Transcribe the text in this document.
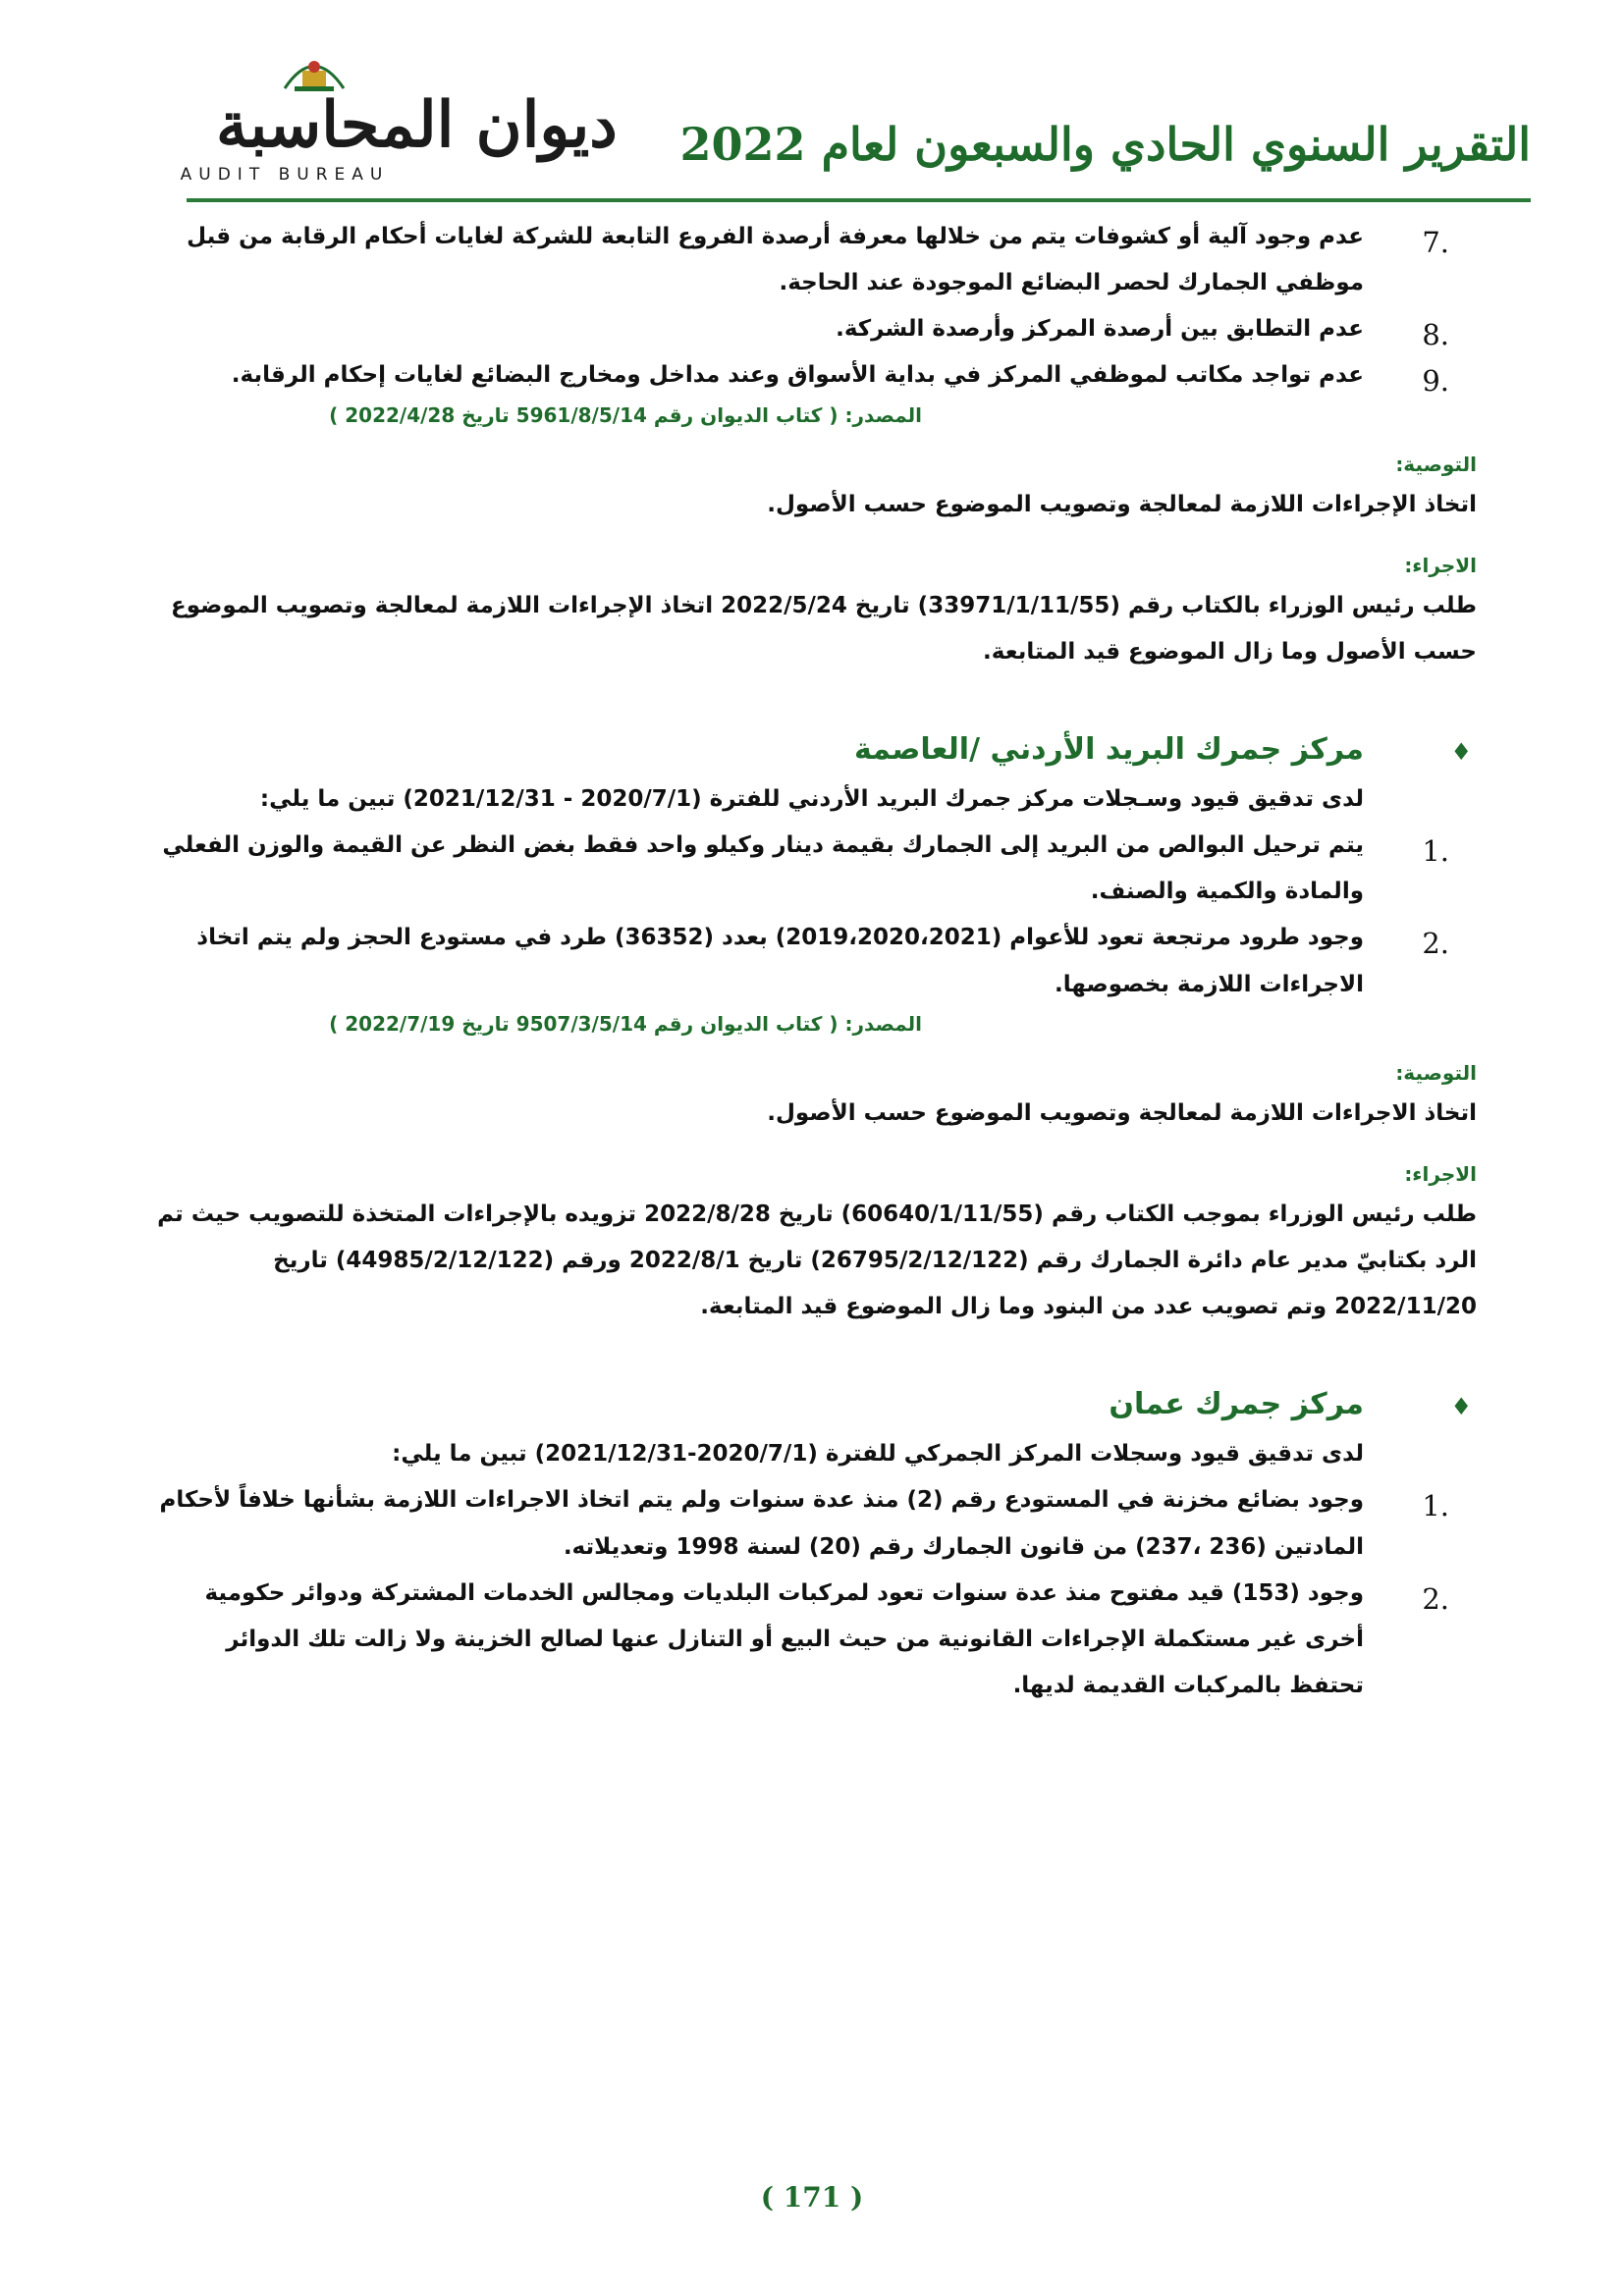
ديوان المحاسبة
AUDIT BUREAU
التقرير السنوي الحادي والسبعون لعام 2022
7.
عدم وجود آلية أو كشوفات يتم من خلالها معرفة أرصدة الفروع التابعة للشركة لغايات أحكام الرقابة من قبل موظفي الجمارك لحصر البضائع الموجودة عند الحاجة.
8.
عدم التطابق بين أرصدة المركز وأرصدة الشركة.
9.
عدم تواجد مكاتب لموظفي المركز في بداية الأسواق وعند مداخل ومخارج البضائع لغايات إحكام الرقابة.
المصدر: ( كتاب الديوان رقم 5961/8/5/14 تاريخ 2022/4/28 )
التوصية:
اتخاذ الإجراءات اللازمة لمعالجة وتصويب الموضوع حسب الأصول.
الاجراء:
طلب رئيس الوزراء بالكتاب رقم (33971/1/11/55) تاريخ 2022/5/24 اتخاذ الإجراءات اللازمة لمعالجة وتصويب الموضوع حسب الأصول وما زال الموضوع قيد المتابعة.
♦
مركز جمرك البريد الأردني /العاصمة
لدى تدقيق قيود وسـجلات مركز جمرك البريد الأردني للفترة (2020/7/1 - 2021/12/31) تبين ما يلي:
1.
يتم ترحيل البوالص من البريد إلى الجمارك بقيمة دينار وكيلو واحد فقط بغض النظر عن القيمة والوزن الفعلي والمادة والكمية والصنف.
2.
وجود طرود مرتجعة تعود للأعوام (2019،2020،2021) بعدد (36352) طرد في مستودع الحجز ولم يتم اتخاذ الاجراءات اللازمة بخصوصها.
المصدر: ( كتاب الديوان رقم 9507/3/5/14 تاريخ 2022/7/19 )
التوصية:
اتخاذ الاجراءات اللازمة لمعالجة وتصويب الموضوع حسب الأصول.
الاجراء:
طلب رئيس الوزراء بموجب الكتاب رقم (60640/1/11/55) تاريخ 2022/8/28 تزويده بالإجراءات المتخذة للتصويب حيث تم الرد بكتابيّ مدير عام دائرة الجمارك رقم (26795/2/12/122) تاريخ 2022/8/1 ورقم (44985/2/12/122) تاريخ 2022/11/20 وتم تصويب عدد من البنود وما زال الموضوع قيد المتابعة.
♦
مركز جمرك عمان
لدى تدقيق قيود وسجلات المركز الجمركي للفترة (2020/7/1-2021/12/31) تبين ما يلي:
1.
وجود بضائع مخزنة في المستودع رقم (2) منذ عدة سنوات ولم يتم اتخاذ الاجراءات اللازمة بشأنها خلافاً لأحكام المادتين (236 ،237) من قانون الجمارك رقم (20) لسنة 1998 وتعديلاته.
2.
وجود (153) قيد مفتوح منذ عدة سنوات تعود لمركبات البلديات ومجالس الخدمات المشتركة ودوائر حكومية أخرى غير مستكملة الإجراءات القانونية من حيث البيع أو التنازل عنها لصالح الخزينة ولا زالت تلك الدوائر تحتفظ بالمركبات القديمة لديها.
( 171 )
